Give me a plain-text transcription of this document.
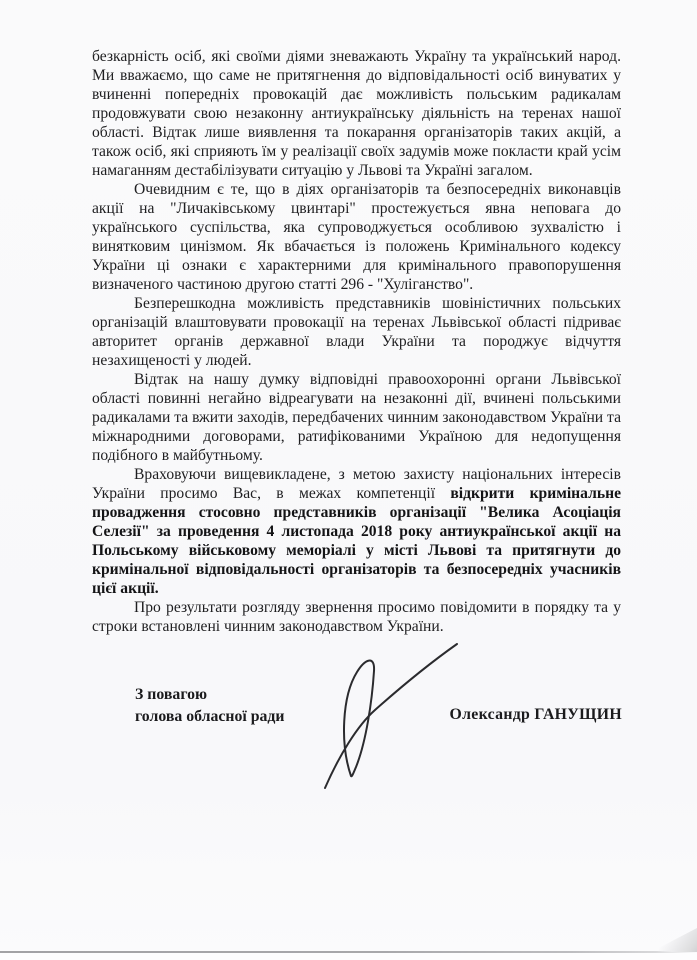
безкарність осіб, які своїми діями зневажають Україну та український народ. Ми вважаємо, що саме не притягнення до відповідальності осіб винуватих у вчиненні попередніх провокацій дає можливість польським радикалам продовжувати свою незаконну антиукраїнську діяльність на теренах нашої області. Відтак лише виявлення та покарання організаторів таких акцій, а також осіб, які сприяють їм у реалізації своїх задумів може покласти край усім намаганням дестабілізувати ситуацію у Львові та Україні загалом.

Очевидним є те, що в діях організаторів та безпосередніх виконавців акції на "Личаківському цвинтарі" простежується явна неповага до українського суспільства, яка супроводжується особливою зухвалістю і винятковим цинізмом. Як вбачається із положень Кримінального кодексу України ці ознаки є характерними для кримінального правопорушення визначеного частиною другою статті 296 - "Хуліганство".

Безперешкодна можливість представників шовіністичних польських організацій влаштовувати провокації на теренах Львівської області підриває авторитет органів державної влади України та породжує відчуття незахищеності у людей.

Відтак на нашу думку відповідні правоохоронні органи Львівської області повинні негайно відреагувати на незаконні дії, вчинені польськими радикалами та вжити заходів, передбачених чинним законодавством України та міжнародними договорами, ратифікованими Україною для недопущення подібного в майбутньому.

Враховуючи вищевикладене, з метою захисту національних інтересів України просимо Вас, в межах компетенції відкрити кримінальне провадження стосовно представників організації "Велика Асоціація Селезії" за проведення 4 листопада 2018 року антиукраїнської акції на Польському військовому меморіалі у місті Львові та притягнути до кримінальної відповідальності організаторів та безпосередніх учасників цієї акції.

Про результати розгляду звернення просимо повідомити в порядку та у строки встановлені чинним законодавством України.

З повагою
голова обласної ради	Олександр ГАНУЩИН
